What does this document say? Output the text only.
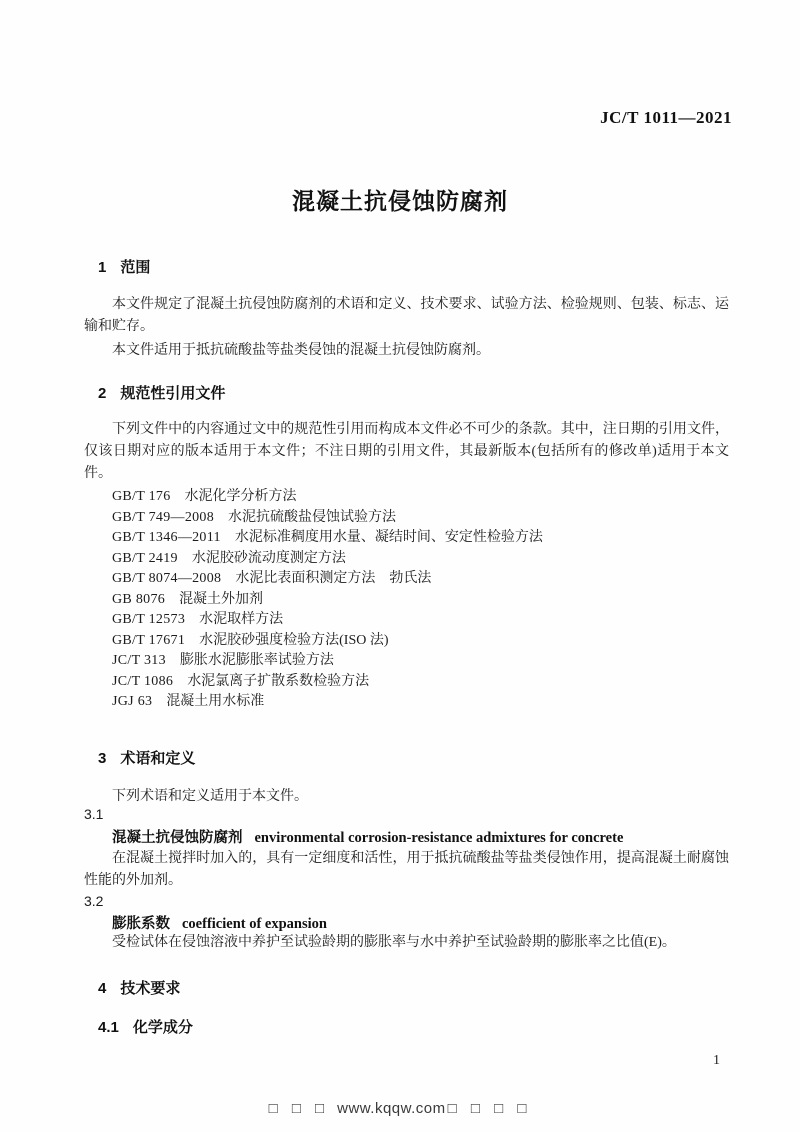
JC/T 1011—2021
混凝土抗侵蚀防腐剂
1 范围
本文件规定了混凝土抗侵蚀防腐剂的术语和定义、技术要求、试验方法、检验规则、包装、标志、运输和贮存。
本文件适用于抵抗硫酸盐等盐类侵蚀的混凝土抗侵蚀防腐剂。
2 规范性引用文件
下列文件中的内容通过文中的规范性引用而构成本文件必不可少的条款。其中，注日期的引用文件，仅该日期对应的版本适用于本文件；不注日期的引用文件，其最新版本(包括所有的修改单)适用于本文件。
GB/T 176 水泥化学分析方法
GB/T 749—2008 水泥抗硫酸盐侵蚀试验方法
GB/T 1346—2011 水泥标准稠度用水量、凝结时间、安定性检验方法
GB/T 2419 水泥胶砂流动度测定方法
GB/T 8074—2008 水泥比表面积测定方法　勃氏法
GB 8076 混凝土外加剂
GB/T 12573 水泥取样方法
GB/T 17671 水泥胶砂强度检验方法(ISO 法)
JC/T 313 膨胀水泥膨胀率试验方法
JC/T 1086 水泥氯离子扩散系数检验方法
JGJ 63 混凝土用水标准
3 术语和定义
下列术语和定义适用于本文件。
3.1
混凝土抗侵蚀防腐剂 environmental corrosion-resistance admixtures for concrete
在混凝土搅拌时加入的，具有一定细度和活性，用于抵抗硫酸盐等盐类侵蚀作用，提高混凝土耐腐蚀性能的外加剂。
3.2
膨胀系数 coefficient of expansion
受检试体在侵蚀溶液中养护至试验龄期的膨胀率与水中养护至试验龄期的膨胀率之比值(E)。
4 技术要求
4.1 化学成分
1
□ □ □ www.kqqw.com □ □ □ □
